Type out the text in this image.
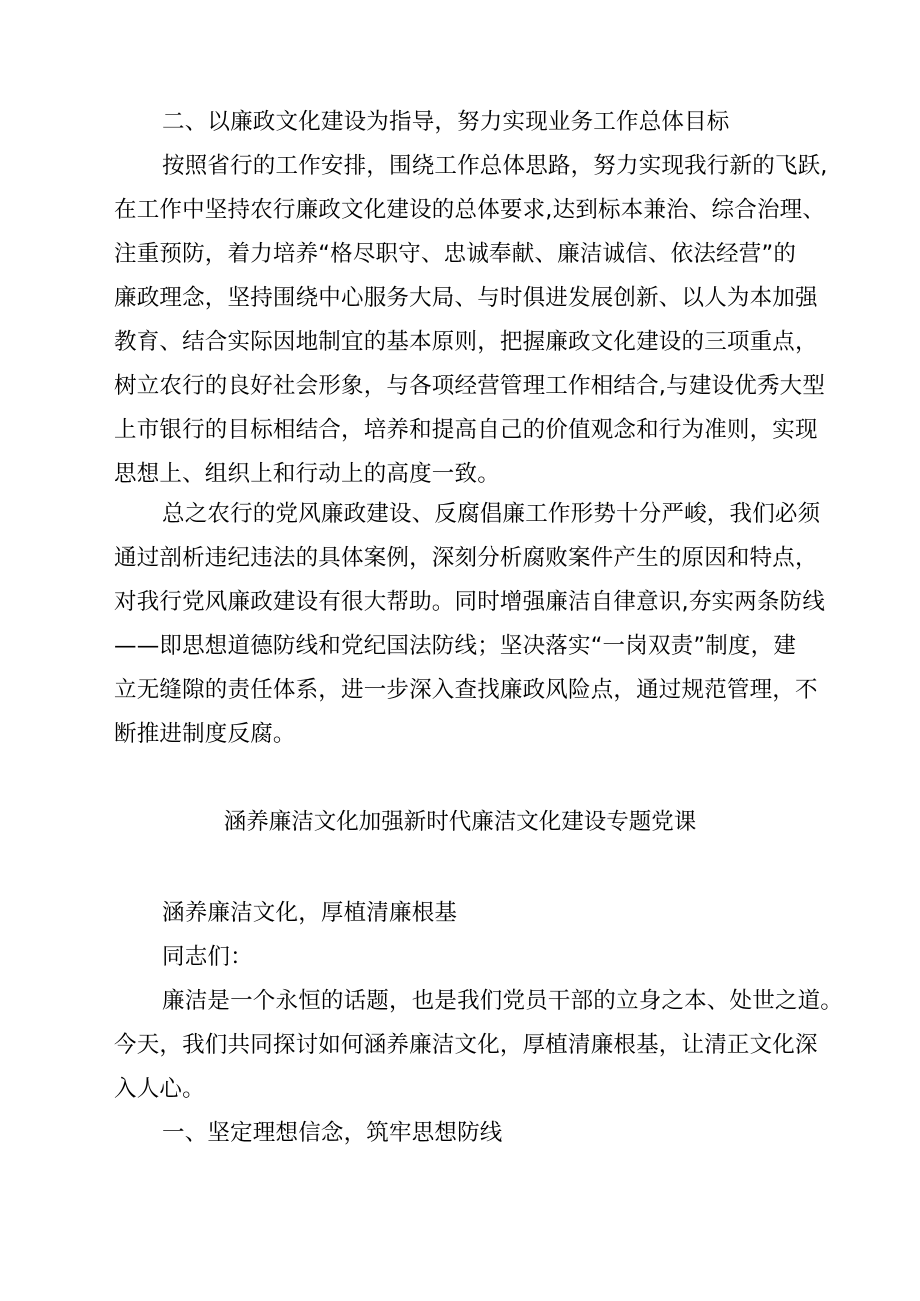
二、以廉政文化建设为指导，努力实现业务工作总体目标
按照省行的工作安排，围绕工作总体思路，努力实现我行新的飞跃,
在工作中坚持农行廉政文化建设的总体要求,达到标本兼治、综合治理、
注重预防，着力培养“格尽职守、忠诚奉献、廉洁诚信、依法经营”的
廉政理念，坚持围绕中心服务大局、与时俱进发展创新、以人为本加强
教育、结合实际因地制宜的基本原则，把握廉政文化建设的三项重点，
树立农行的良好社会形象，与各项经营管理工作相结合,与建设优秀大型
上市银行的目标相结合，培养和提高自己的价值观念和行为准则，实现
思想上、组织上和行动上的高度一致。
总之农行的党风廉政建设、反腐倡廉工作形势十分严峻，我们必须
通过剖析违纪违法的具体案例，深刻分析腐败案件产生的原因和特点，
对我行党风廉政建设有很大帮助。同时增强廉洁自律意识,夯实两条防线
——即思想道德防线和党纪国法防线；坚决落实“一岗双责”制度，建
立无缝隙的责任体系，进一步深入查找廉政风险点，通过规范管理，不
断推进制度反腐。
涵养廉洁文化加强新时代廉洁文化建设专题党课
涵养廉洁文化，厚植清廉根基
同志们：
廉洁是一个永恒的话题，也是我们党员干部的立身之本、处世之道。
今天，我们共同探讨如何涵养廉洁文化，厚植清廉根基，让清正文化深
入人心。
一、坚定理想信念，筑牢思想防线
